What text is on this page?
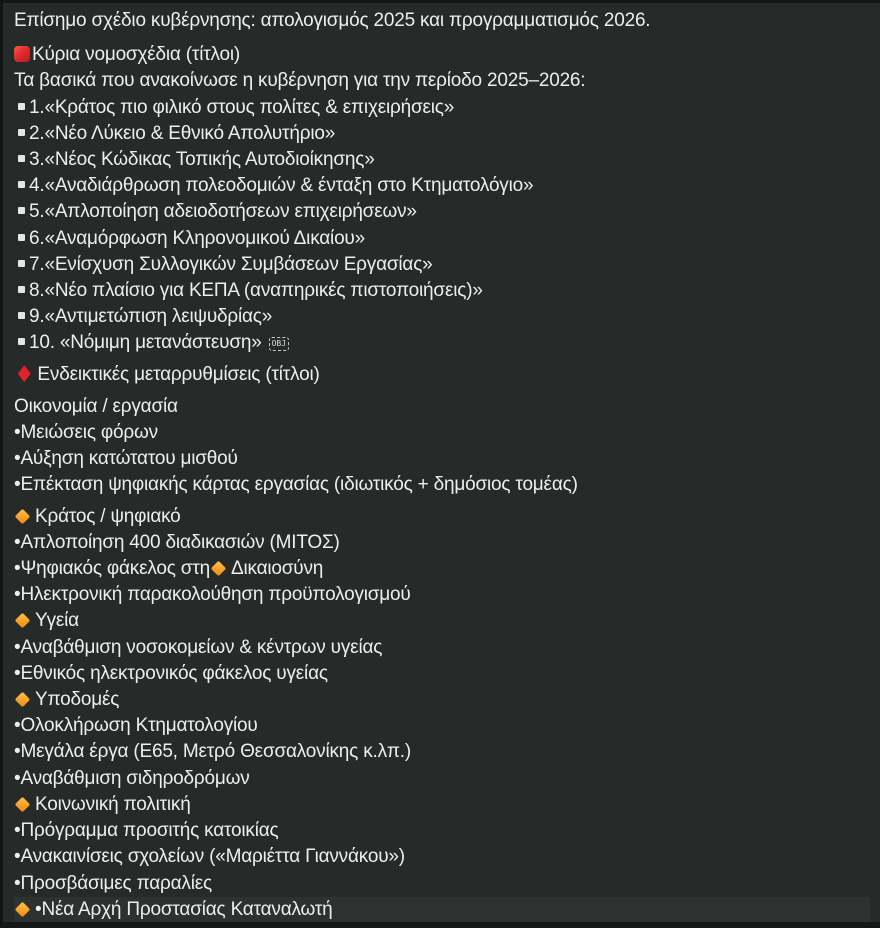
Επίσημο σχέδιο κυβέρνησης: απολογισμός 2025 και προγραμματισμός 2026.
Κύρια νομοσχέδια (τίτλοι)
Τα βασικά που ανακοίνωσε η κυβέρνηση για την περίοδο 2025–2026:
1.«Κράτος πιο φιλικό στους πολίτες & επιχειρήσεις»
2.«Νέο Λύκειο & Εθνικό Απολυτήριο»
3.«Νέος Κώδικας Τοπικής Αυτοδιοίκησης»
4.«Αναδιάρθρωση πολεοδομιών & ένταξη στο Κτηματολόγιο»
5.«Απλοποίηση αδειοδοτήσεων επιχειρήσεων»
6.«Αναμόρφωση Κληρονομικού Δικαίου»
7.«Ενίσχυση Συλλογικών Συμβάσεων Εργασίας»
8.«Νέο πλαίσιο για ΚΕΠΑ (αναπηρικές πιστοποιήσεις)»
9.«Αντιμετώπιση λειψυδρίας»
10. «Νόμιμη μετανάστευση» OBJ
♦ Ενδεικτικές μεταρρυθμίσεις (τίτλοι)
Οικονομία / εργασία
•Μειώσεις φόρων
•Αύξηση κατώτατου μισθού
•Επέκταση ψηφιακής κάρτας εργασίας (ιδιωτικός + δημόσιος τομέας)
Κράτος / ψηφιακό
•Απλοποίηση 400 διαδικασιών (ΜΙΤΟΣ)
•Ψηφιακός φάκελος στη Δικαιοσύνη
•Ηλεκτρονική παρακολούθηση προϋπολογισμού
Υγεία
•Αναβάθμιση νοσοκομείων & κέντρων υγείας
•Εθνικός ηλεκτρονικός φάκελος υγείας
Υποδομές
•Ολοκλήρωση Κτηματολογίου
•Μεγάλα έργα (Ε65, Μετρό Θεσσαλονίκης κ.λπ.)
•Αναβάθμιση σιδηροδρόμων
Κοινωνική πολιτική
•Πρόγραμμα προσιτής κατοικίας
•Ανακαινίσεις σχολείων («Μαριέττα Γιαννάκου»)
•Προσβάσιμες παραλίες
•Νέα Αρχή Προστασίας Καταναλωτή
